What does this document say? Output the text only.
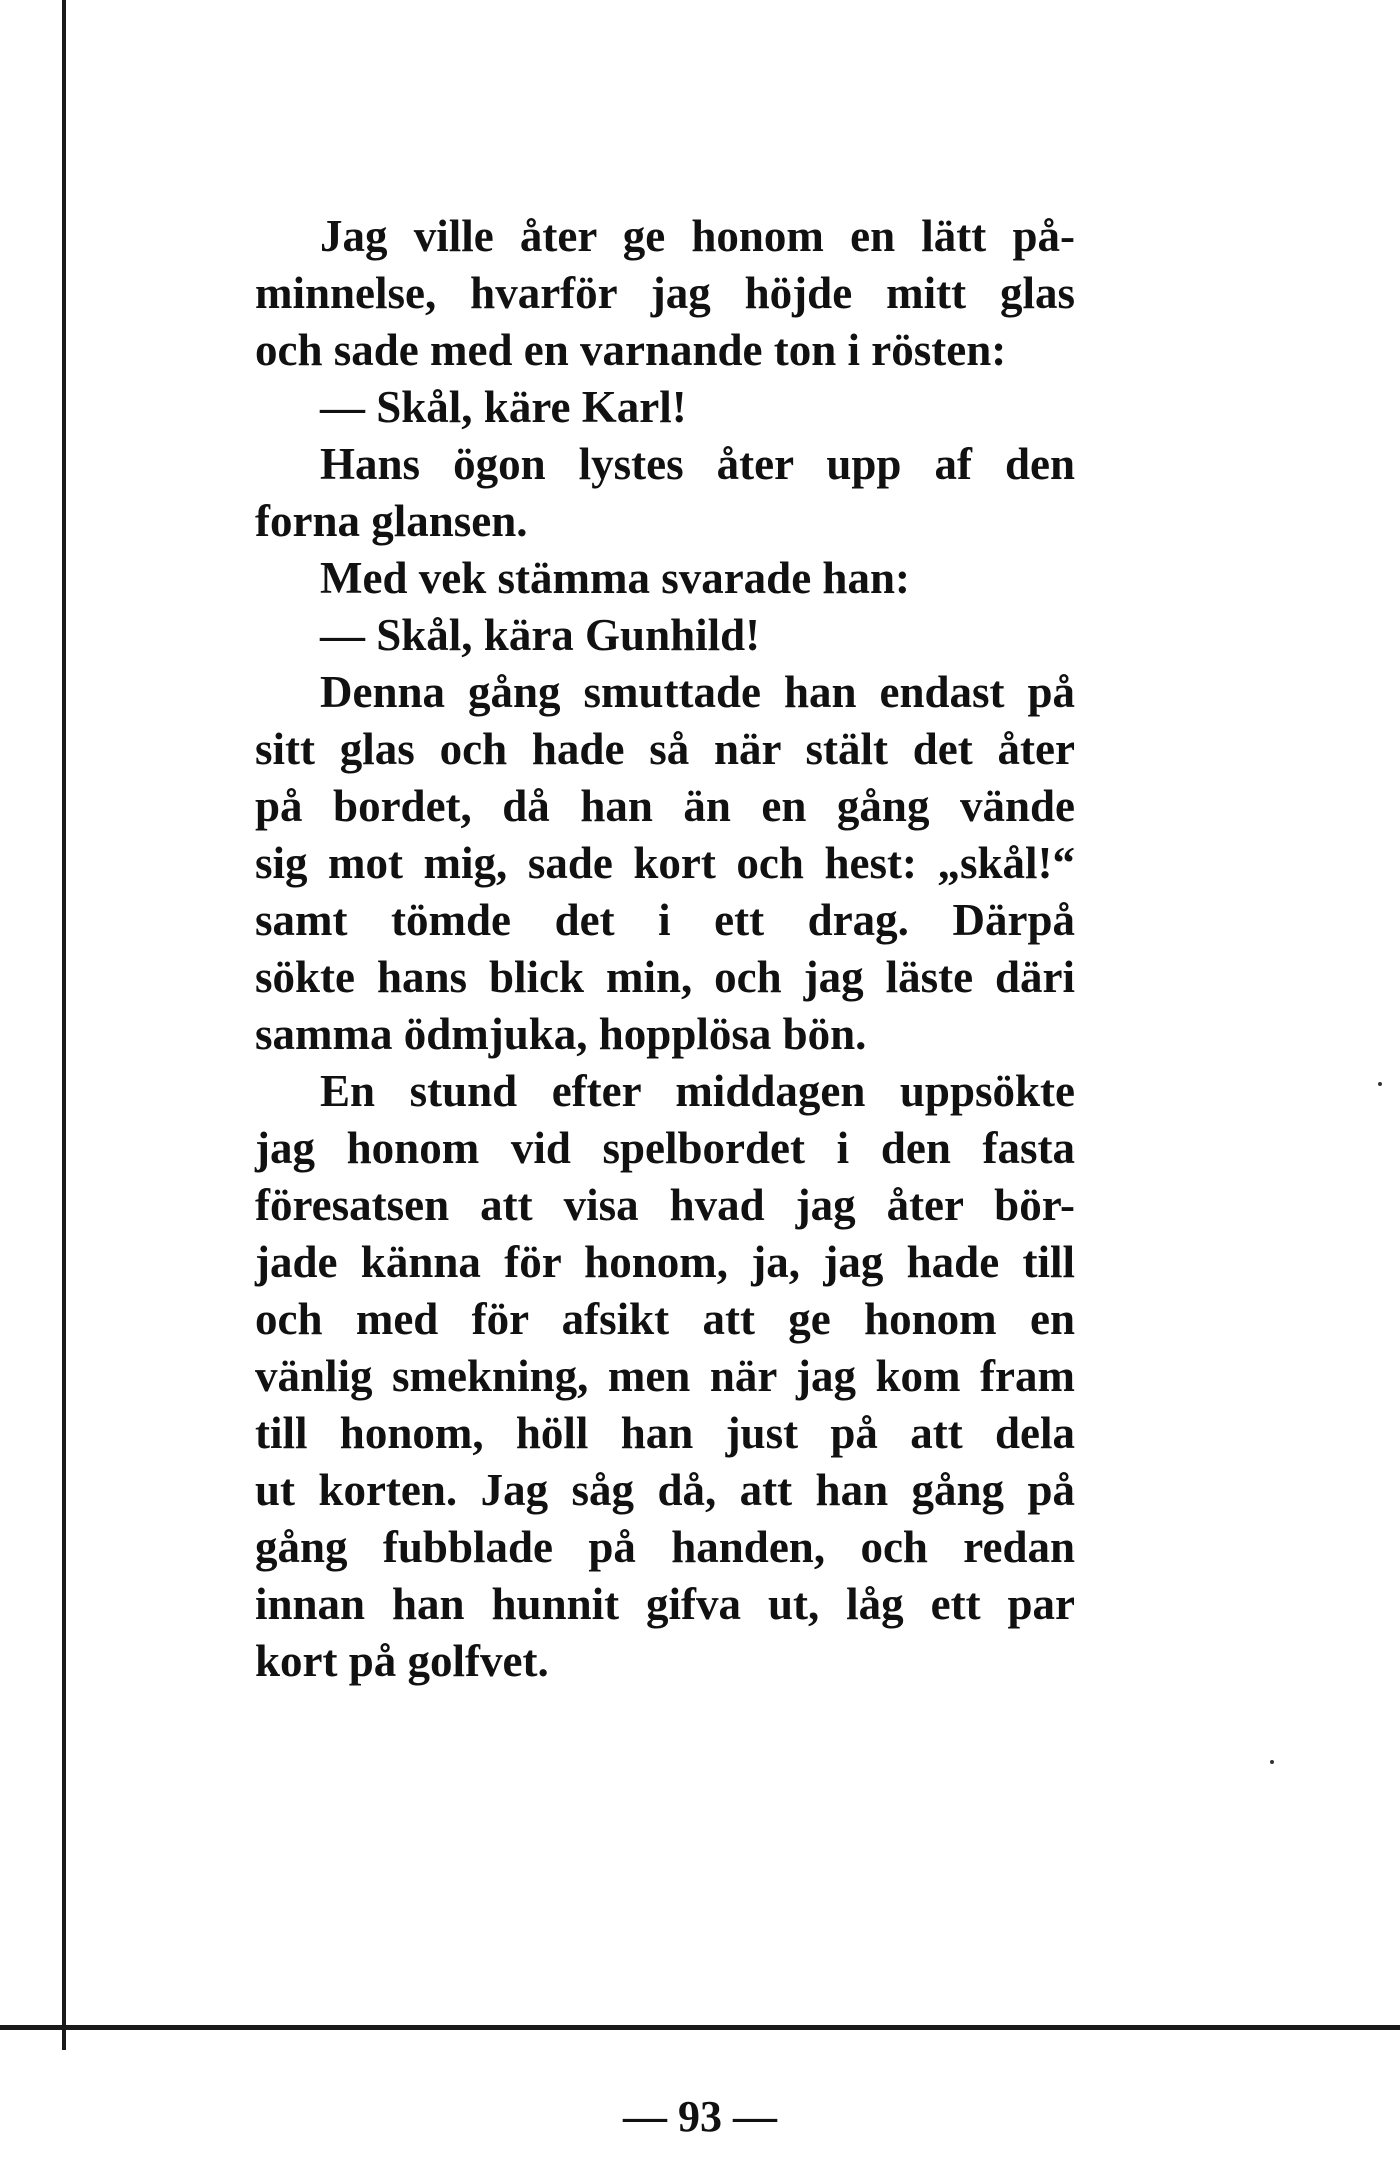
Jag ville åter ge honom en lätt på-
minnelse, hvarför jag höjde mitt glas
och sade med en varnande ton i rösten:
— Skål, käre Karl!
Hans ögon lystes åter upp af den
forna glansen.
Med vek stämma svarade han:
— Skål, kära Gunhild!
Denna gång smuttade han endast på
sitt glas och hade så när stält det åter
på bordet, då han än en gång vände
sig mot mig, sade kort och hest: „skål!“
samt tömde det i ett drag. Därpå
sökte hans blick min, och jag läste däri
samma ödmjuka, hopplösa bön.
En stund efter middagen uppsökte
jag honom vid spelbordet i den fasta
föresatsen att visa hvad jag åter bör-
jade känna för honom, ja, jag hade till
och med för afsikt att ge honom en
vänlig smekning, men när jag kom fram
till honom, höll han just på att dela
ut korten. Jag såg då, att han gång på
gång fubblade på handen, och redan
innan han hunnit gifva ut, låg ett par
kort på golfvet.
— 93 —
